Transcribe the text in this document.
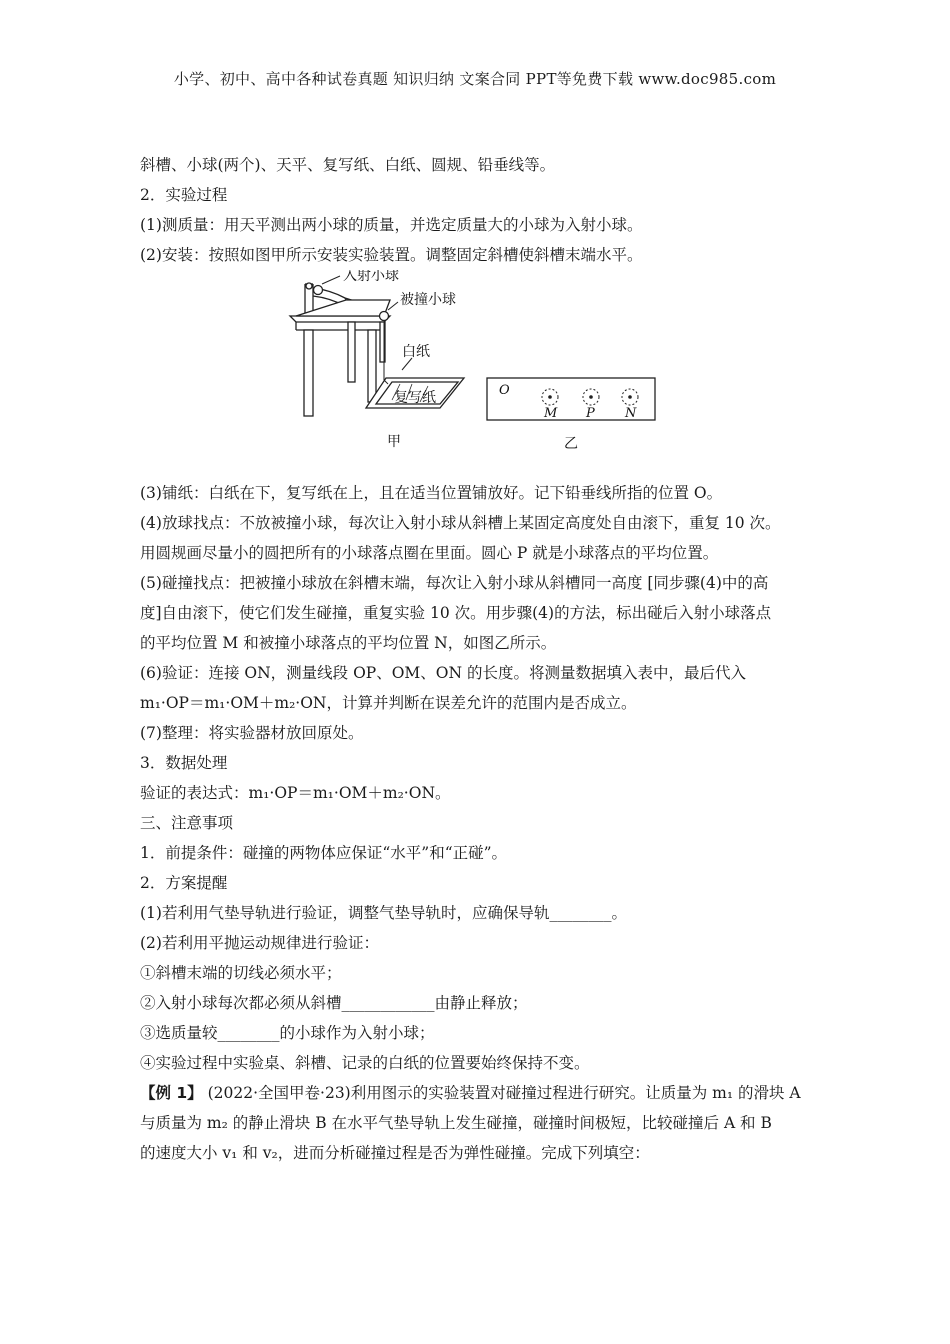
小学、初中、高中各种试卷真题 知识归纳 文案合同 PPT等免费下载 www.doc985.com
斜槽、小球(两个)、天平、复写纸、白纸、圆规、铅垂线等。
2．实验过程
(1)测质量：用天平测出两小球的质量，并选定质量大的小球为入射小球。
(2)安装：按照如图甲所示安装实验装置。调整固定斜槽使斜槽末端水平。
入射小球
被撞小球
白纸
复写纸
甲
O
M P N
乙
(3)铺纸：白纸在下，复写纸在上，且在适当位置铺放好。记下铅垂线所指的位置 O。
(4)放球找点：不放被撞小球，每次让入射小球从斜槽上某固定高度处自由滚下，重复 10 次。
用圆规画尽量小的圆把所有的小球落点圈在里面。圆心 P 就是小球落点的平均位置。
(5)碰撞找点：把被撞小球放在斜槽末端，每次让入射小球从斜槽同一高度 [同步骤(4)中的高
度]自由滚下，使它们发生碰撞，重复实验 10 次。用步骤(4)的方法，标出碰后入射小球落点
的平均位置 M 和被撞小球落点的平均位置 N，如图乙所示。
(6)验证：连接 ON，测量线段 OP、OM、ON 的长度。将测量数据填入表中，最后代入
m₁·OP＝m₁·OM＋m₂·ON，计算并判断在误差允许的范围内是否成立。
(7)整理：将实验器材放回原处。
3．数据处理
验证的表达式：m₁·OP＝m₁·OM＋m₂·ON。
三、注意事项
1．前提条件：碰撞的两物体应保证“水平”和“正碰”。
2．方案提醒
(1)若利用气垫导轨进行验证，调整气垫导轨时，应确保导轨________。
(2)若利用平抛运动规律进行验证：
①斜槽末端的切线必须水平；
②入射小球每次都必须从斜槽____________由静止释放；
③选质量较________的小球作为入射小球；
④实验过程中实验桌、斜槽、记录的白纸的位置要始终保持不变。
【例 1】 (2022·全国甲卷·23)利用图示的实验装置对碰撞过程进行研究。让质量为 m₁ 的滑块 A
与质量为 m₂ 的静止滑块 B 在水平气垫导轨上发生碰撞，碰撞时间极短，比较碰撞后 A 和 B
的速度大小 v₁ 和 v₂，进而分析碰撞过程是否为弹性碰撞。完成下列填空：
